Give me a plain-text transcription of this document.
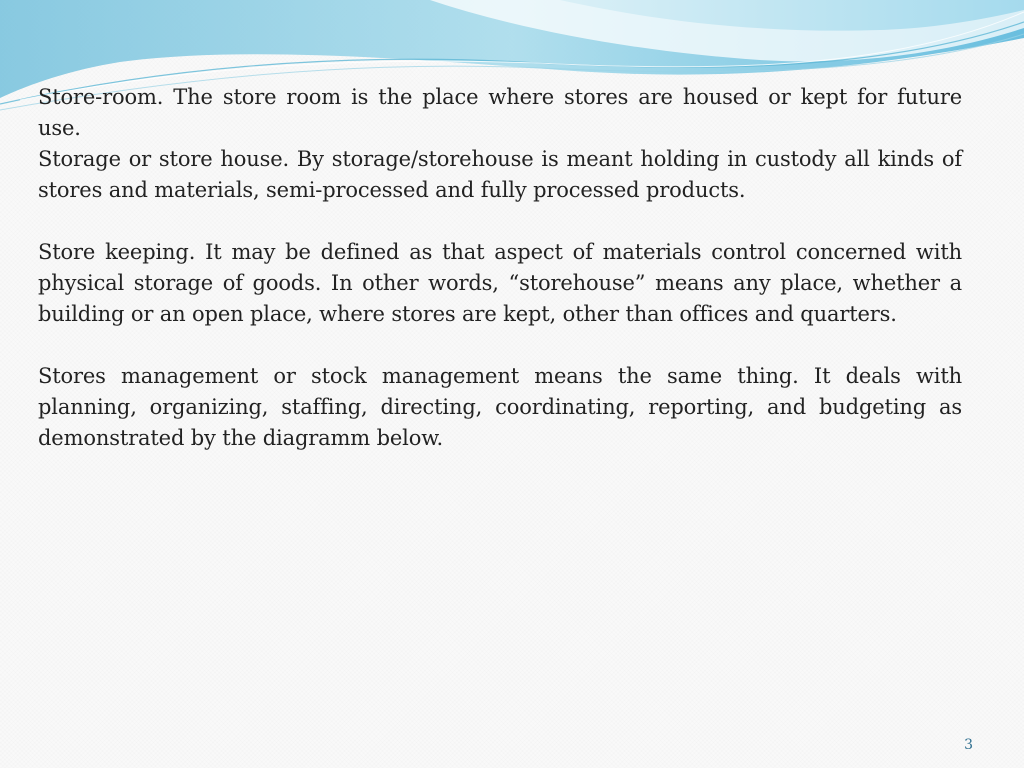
Store-room. The store room is the place where stores are housed or kept for future use.

Storage or store house. By storage/storehouse is meant holding in custody all kinds of stores and materials, semi-processed and fully processed products.

Store keeping. It may be defined as that aspect of materials control concerned with physical storage of goods. In other words, “storehouse” means any place, whether a building or an open place, where stores are kept, other than offices and quarters.

Stores management or stock management means the same thing. It deals with planning, organizing, staffing, directing, coordinating, reporting, and budgeting as demonstrated by the diagramm below.

3
